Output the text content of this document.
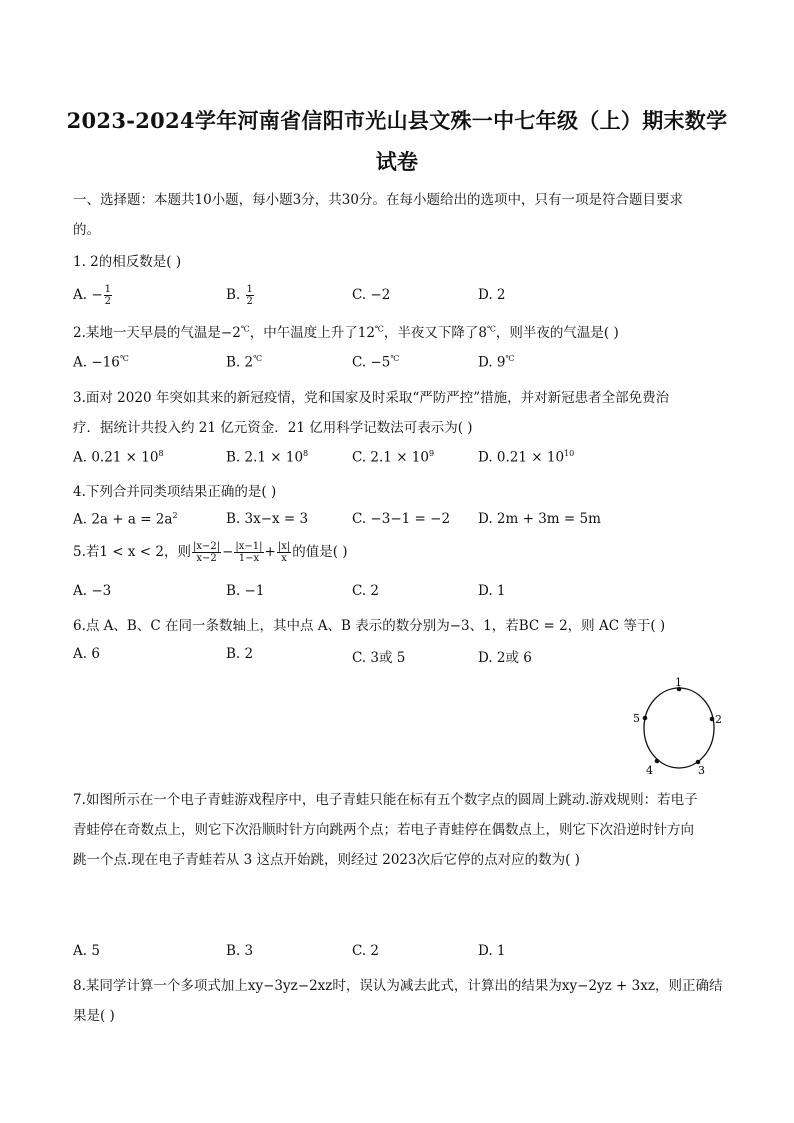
2023-2024学年河南省信阳市光山县文殊一中七年级（上）期末数学
试卷
一、选择题：本题共10小题，每小题3分，共30分。在每小题给出的选项中，只有一项是符合题目要求
的。
1. 2的相反数是( )
A. − $\frac{1}{2}$	B. $\frac{1}{2}$	C. −2	D. 2
2.某地一天早晨的气温是−2℃，中午温度上升了12℃，半夜又下降了8℃，则半夜的气温是( )
A. −16℃	B. 2℃	C. −5℃	D. 9℃
3.面对 2020 年突如其来的新冠疫情，党和国家及时采取“严防严控”措施，并对新冠患者全部免费治
疗．据统计共投入约 21 亿元资金．21 亿用科学记数法可表示为( )
A. $0.21 \times 10^8$	B. $2.1 \times 10^8$	C. $2.1 \times 10^9$	D. $0.21 \times 10^{10}$
4.下列合并同类项结果正确的是( )
A. $2a + a = 2a^2$	B. 3x−x = 3	C. −3−1 = −2 D. 2m + 3m = 5m
5.若1 < x < 2，则 $\frac{|x-2|}{x-2} - \frac{|x-1|}{1-x} + \frac{|x|}{x}$ 的值是( )
A. −3	B. −1	C. 2	D. 1
6.点 A、B、C 在同一条数轴上，其中点 A、B 表示的数分别为−3、1，若BC = 2，则 AC 等于( )
A. 6	B. 2	C. 3或 5	D. 2或 6
1
2
3
4
5
7.如图所示在一个电子青蛙游戏程序中，电子青蛙只能在标有五个数字点的圆周上跳动.游戏规则：若电子
青蛙停在奇数点上，则它下次沿顺时针方向跳两个点；若电子青蛙停在偶数点上，则它下次沿逆时针方向
跳一个点.现在电子青蛙若从 3 这点开始跳，则经过 2023次后它停的点对应的数为( )
A. 5	B. 3	C. 2	D. 1
8.某同学计算一个多项式加上xy−3yz−2xz时，误认为减去此式，计算出的结果为xy−2yz + 3xz，则正确结
果是( )
